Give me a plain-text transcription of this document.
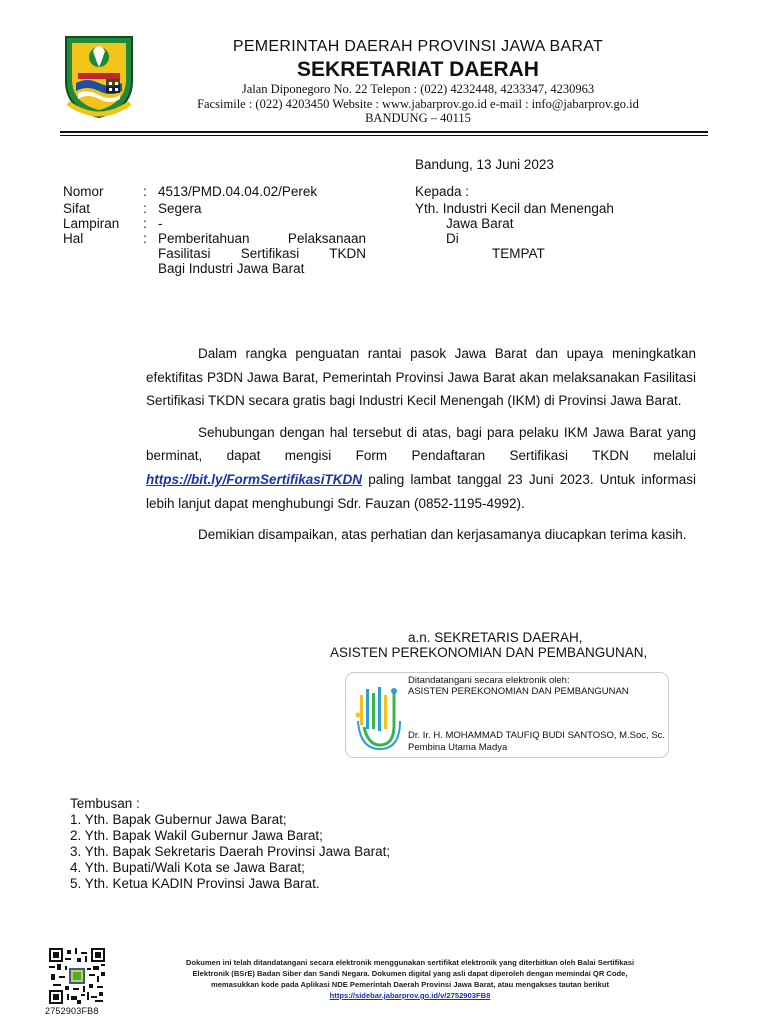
PEMERINTAH DAERAH PROVINSI JAWA BARAT
SEKRETARIAT DAERAH
Jalan Diponegoro No. 22 Telepon : (022) 4232448, 4233347, 4230963
Facsimile : (022) 4203450 Website : www.jabarprov.go.id e-mail : info@jabarprov.go.id
BANDUNG – 40115
Bandung, 13 Juni 2023
Nomor	: 4513/PMD.04.04.02/Perek
Sifat	: Segera
Lampiran : -
Hal	: Pemberitahuan Pelaksanaan
Fasilitasi Sertifikasi TKDN
Bagi Industri Jawa Barat
Kepada :
Yth. Industri Kecil dan Menengah
Jawa Barat
Di
TEMPAT

Dalam rangka penguatan rantai pasok Jawa Barat dan upaya meningkatkan efektifitas P3DN Jawa Barat, Pemerintah Provinsi Jawa Barat akan melaksanakan Fasilitasi Sertifikasi TKDN secara gratis bagi Industri Kecil Menengah (IKM) di Provinsi Jawa Barat.

Sehubungan dengan hal tersebut di atas, bagi para pelaku IKM Jawa Barat yang berminat, dapat mengisi Form Pendaftaran Sertifikasi TKDN melalui https://bit.ly/FormSertifikasiTKDN paling lambat tanggal 23 Juni 2023. Untuk informasi lebih lanjut dapat menghubungi Sdr. Fauzan (0852-1195-4992).

Demikian disampaikan, atas perhatian dan kerjasamanya diucapkan terima kasih.

a.n. SEKRETARIS DAERAH,
ASISTEN PEREKONOMIAN DAN PEMBANGUNAN,
Ditandatangani secara elektronik oleh:
ASISTEN PEREKONOMIAN DAN PEMBANGUNAN
Dr. Ir. H. MOHAMMAD TAUFIQ BUDI SANTOSO, M.Soc, Sc.
Pembina Utama Madya
Tembusan :
1. Yth. Bapak Gubernur Jawa Barat;
2. Yth. Bapak Wakil Gubernur Jawa Barat;
3. Yth. Bapak Sekretaris Daerah Provinsi Jawa Barat;
4. Yth. Bupati/Wali Kota se Jawa Barat;
5. Yth. Ketua KADIN Provinsi Jawa Barat.
2752903FB8
Dokumen ini telah ditandatangani secara elektronik menggunakan sertifikat elektronik yang diterbitkan oleh Balai Sertifikasi
Elektronik (BSrE) Badan Siber dan Sandi Negara. Dokumen digital yang asli dapat diperoleh dengan memindai QR Code,
memasukkan kode pada Aplikasi NDE Pemerintah Daerah Provinsi Jawa Barat, atau mengakses tautan berikut
https://sidebar.jabarprov.go.id/v/2752903FB8
